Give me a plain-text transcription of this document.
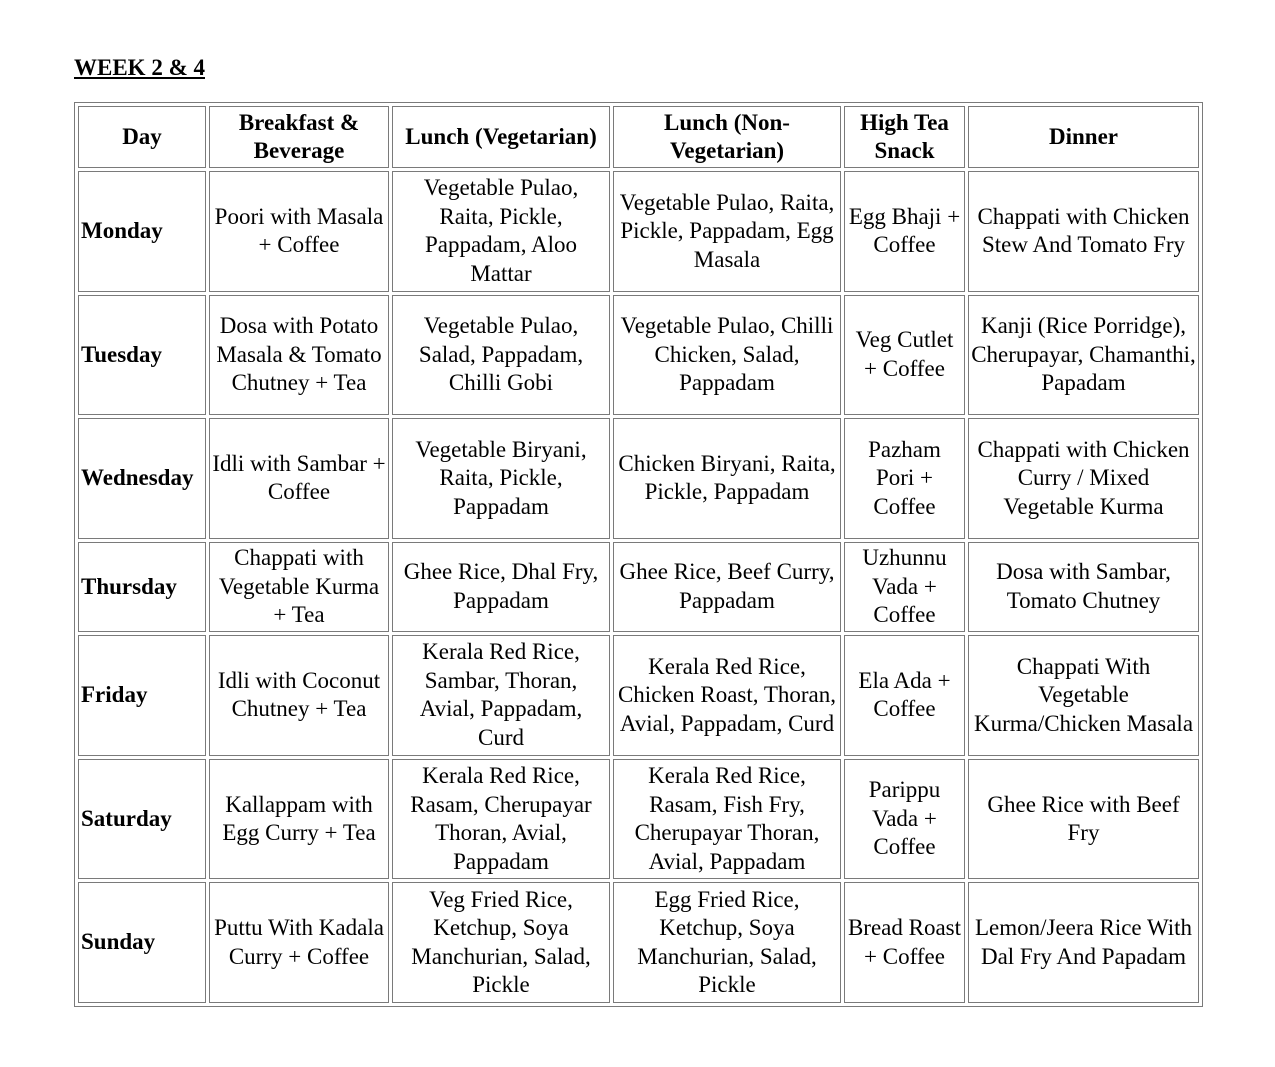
WEEK 2 & 4
Day	Breakfast & Beverage	Lunch (Vegetarian)	Lunch (Non-Vegetarian)	High Tea Snack	Dinner
Monday	Poori with Masala + Coffee	Vegetable Pulao, Raita, Pickle, Pappadam, Aloo Mattar	Vegetable Pulao, Raita, Pickle, Pappadam, Egg Masala	Egg Bhaji + Coffee	Chappati with Chicken Stew And Tomato Fry
Tuesday	Dosa with Potato Masala & Tomato Chutney + Tea	Vegetable Pulao, Salad, Pappadam, Chilli Gobi	Vegetable Pulao, Chilli Chicken, Salad, Pappadam	Veg Cutlet + Coffee	Kanji (Rice Porridge), Cherupayar, Chamanthi, Papadam
Wednesday	Idli with Sambar + Coffee	Vegetable Biryani, Raita, Pickle, Pappadam	Chicken Biryani, Raita, Pickle, Pappadam	Pazham Pori + Coffee	Chappati with Chicken Curry / Mixed Vegetable Kurma
Thursday	Chappati with Vegetable Kurma + Tea	Ghee Rice, Dhal Fry, Pappadam	Ghee Rice, Beef Curry, Pappadam	Uzhunnu Vada + Coffee	Dosa with Sambar, Tomato Chutney
Friday	Idli with Coconut Chutney + Tea	Kerala Red Rice, Sambar, Thoran, Avial, Pappadam, Curd	Kerala Red Rice, Chicken Roast, Thoran, Avial, Pappadam, Curd	Ela Ada + Coffee	Chappati With Vegetable Kurma/Chicken Masala
Saturday	Kallappam with Egg Curry + Tea	Kerala Red Rice, Rasam, Cherupayar Thoran, Avial, Pappadam	Kerala Red Rice, Rasam, Fish Fry, Cherupayar Thoran, Avial, Pappadam	Parippu Vada + Coffee	Ghee Rice with Beef Fry
Sunday	Puttu With Kadala Curry + Coffee	Veg Fried Rice, Ketchup, Soya Manchurian, Salad, Pickle	Egg Fried Rice, Ketchup, Soya Manchurian, Salad, Pickle	Bread Roast + Coffee	Lemon/Jeera Rice With Dal Fry And Papadam
